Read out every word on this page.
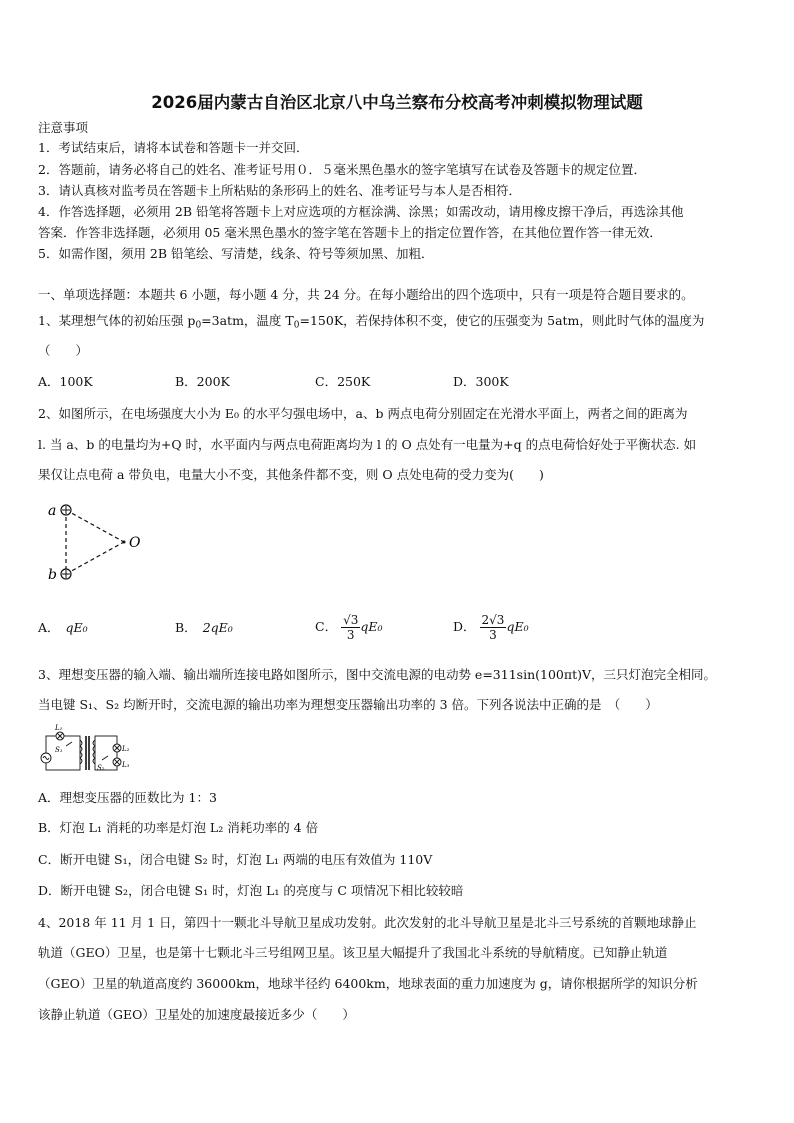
2026届内蒙古自治区北京八中乌兰察布分校高考冲刺模拟物理试题
注意事项
1．考试结束后，请将本试卷和答题卡一并交回．
2．答题前，请务必将自己的姓名、准考证号用０．５毫米黑色墨水的签字笔填写在试卷及答题卡的规定位置．
3．请认真核对监考员在答题卡上所粘贴的条形码上的姓名、准考证号与本人是否相符．
4．作答选择题，必须用 2B 铅笔将答题卡上对应选项的方框涂满、涂黑；如需改动，请用橡皮擦干净后，再选涂其他
答案．作答非选择题，必须用 05 毫米黑色墨水的签字笔在答题卡上的指定位置作答，在其他位置作答一律无效．
5．如需作图，须用 2B 铅笔绘、写清楚，线条、符号等须加黑、加粗．
一、单项选择题：本题共 6 小题，每小题 4 分，共 24 分。在每小题给出的四个选项中，只有一项是符合题目要求的。
1、某理想气体的初始压强 $p_0=3atm$，温度 $T_0=150K$，若保持体积不变，使它的压强变为 5atm，则此时气体的温度为
（　　）
A．100K	B．200K	C．250K	D．300K
2、如图所示，在电场强度大小为 E₀ 的水平匀强电场中，a、b 两点电荷分别固定在光滑水平面上，两者之间的距离为
l. 当 a、b 的电量均为+Q 时，水平面内与两点电荷距离均为 l 的 O 点处有一电量为+q 的点电荷恰好处于平衡状态. 如
果仅让点电荷 a 带负电，电量大小不变，其他条件都不变，则 O 点处电荷的受力变为(　　)
a
b
O
A． qE₀	B． 2qE₀	C． $\frac{√3}{3} qE_0$	D． $\frac{2√3}{3} qE_0$
3、理想变压器的输入端、输出端所连接电路如图所示，图中交流电源的电动势 e=311sin(100πt)V，三只灯泡完全相同。
当电键 S₁、S₂ 均断开时，交流电源的输出功率为理想变压器输出功率的 3 倍。下列各说法中正确的是　（　　）
L₁
S₁	L₂
S₂ L₃
A．理想变压器的匝数比为 1：3
B．灯泡 L₁ 消耗的功率是灯泡 L₂ 消耗功率的 4 倍
C．断开电键 S₁，闭合电键 S₂ 时，灯泡 L₁ 两端的电压有效值为 110V
D．断开电键 S₂，闭合电键 S₁ 时，灯泡 L₁ 的亮度与 C 项情况下相比较较暗
4、2018 年 11 月 1 日，第四十一颗北斗导航卫星成功发射。此次发射的北斗导航卫星是北斗三号系统的首颗地球静止
轨道（GEO）卫星，也是第十七颗北斗三号组网卫星。该卫星大幅提升了我国北斗系统的导航精度。已知静止轨道
（GEO）卫星的轨道高度约 36000km，地球半径约 6400km，地球表面的重力加速度为 g，请你根据所学的知识分析
该静止轨道（GEO）卫星处的加速度最接近多少（　　）
